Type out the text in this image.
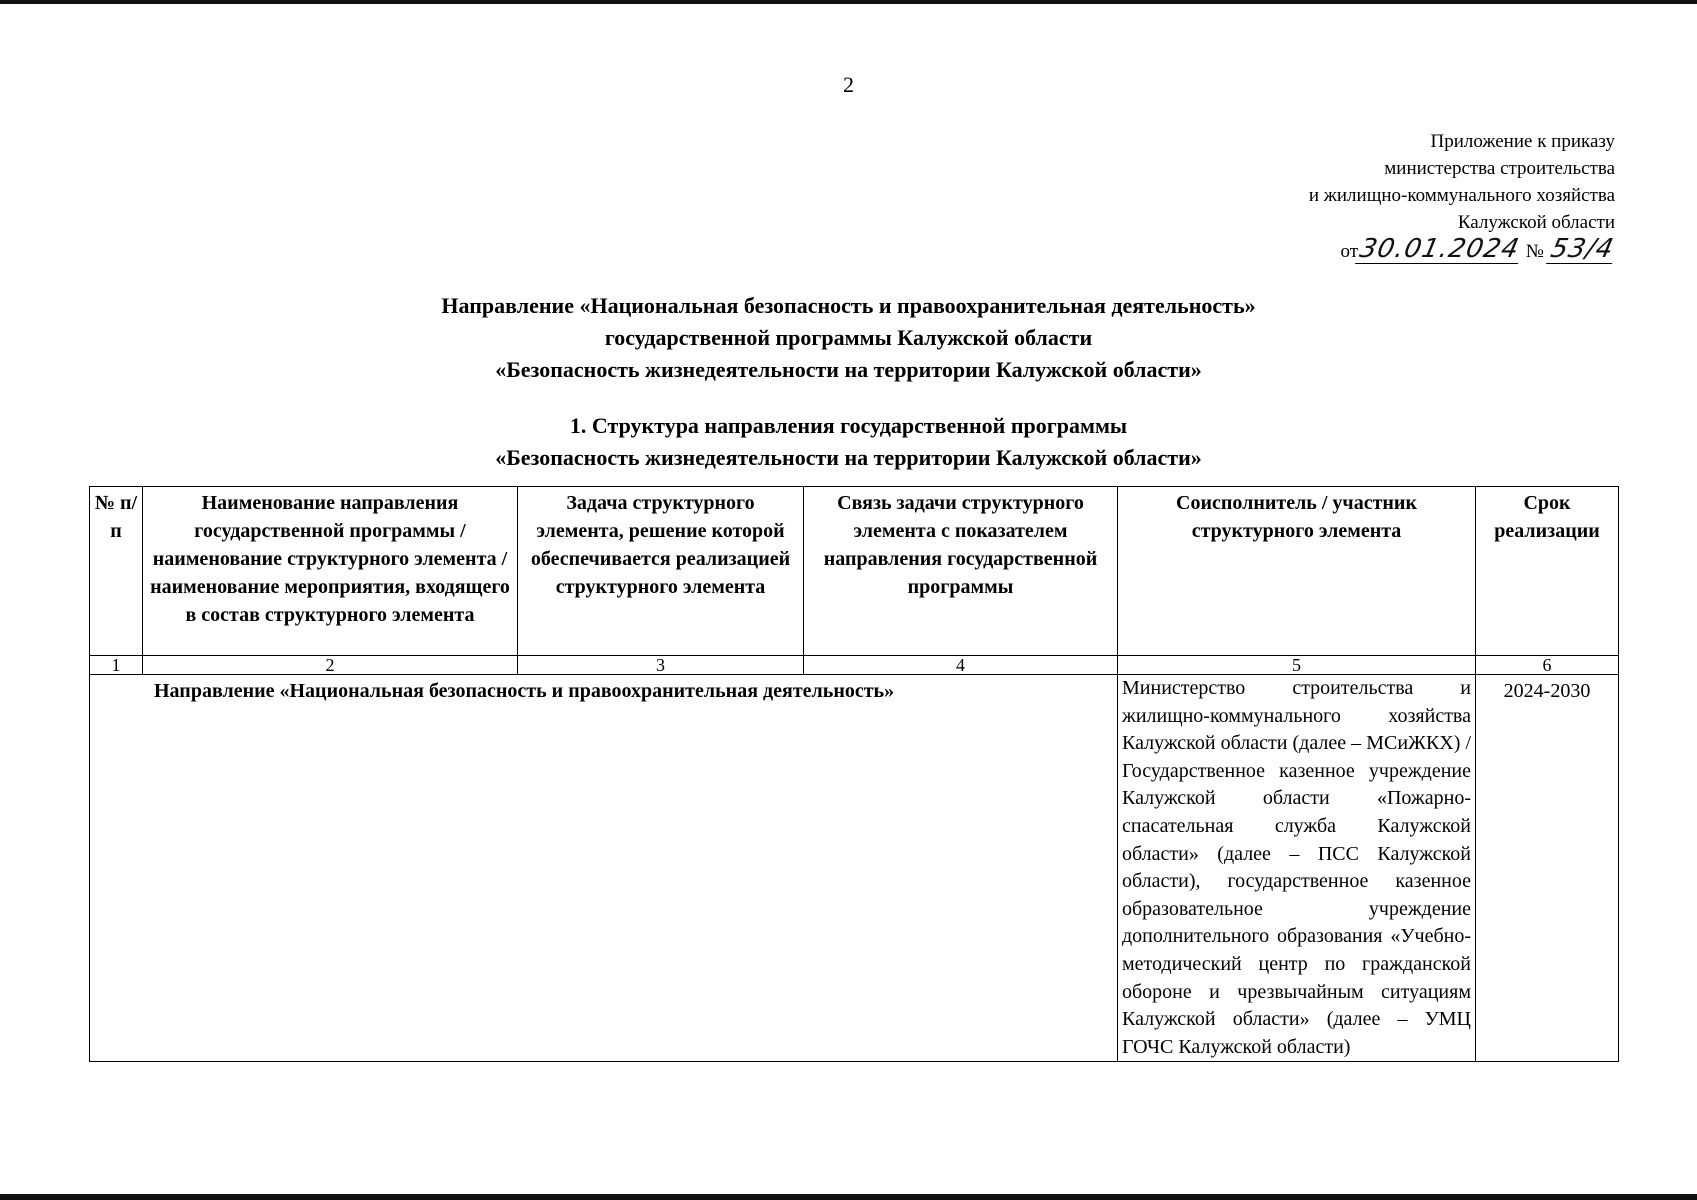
2
Приложение к приказу
министерства строительства
и жилищно-коммунального хозяйства
Калужской области
от30.01.2024 № 53/4
Направление «Национальная безопасность и правоохранительная деятельность»
государственной программы Калужской области
«Безопасность жизнедеятельности на территории Калужской области»
1. Структура направления государственной программы
«Безопасность жизнедеятельности на территории Калужской области»
№ п/п	Наименование направления государственной программы / наименование структурного элемента / наименование мероприятия, входящего в состав структурного элемента	Задача структурного элемента, решение которой обеспечивается реализацией структурного элемента	Связь задачи структурного элемента с показателем направления государственной программы	Соисполнитель / участник структурного элемента	Срок реализации
1	2	3	4	5	6
Направление «Национальная безопасность и правоохранительная деятельность»				Министерство строительства и жилищно-коммунального хозяйства Калужской области (далее – МСиЖКХ) / Государственное казенное учреждение Калужской области «Пожарно-спасательная служба Калужской области» (далее – ПСС Калужской области), государственное казенное образовательное учреждение дополнительного образования «Учебно-методический центр по гражданской обороне и чрезвычайным ситуациям Калужской области» (далее – УМЦ ГОЧС Калужской области)	2024-2030
